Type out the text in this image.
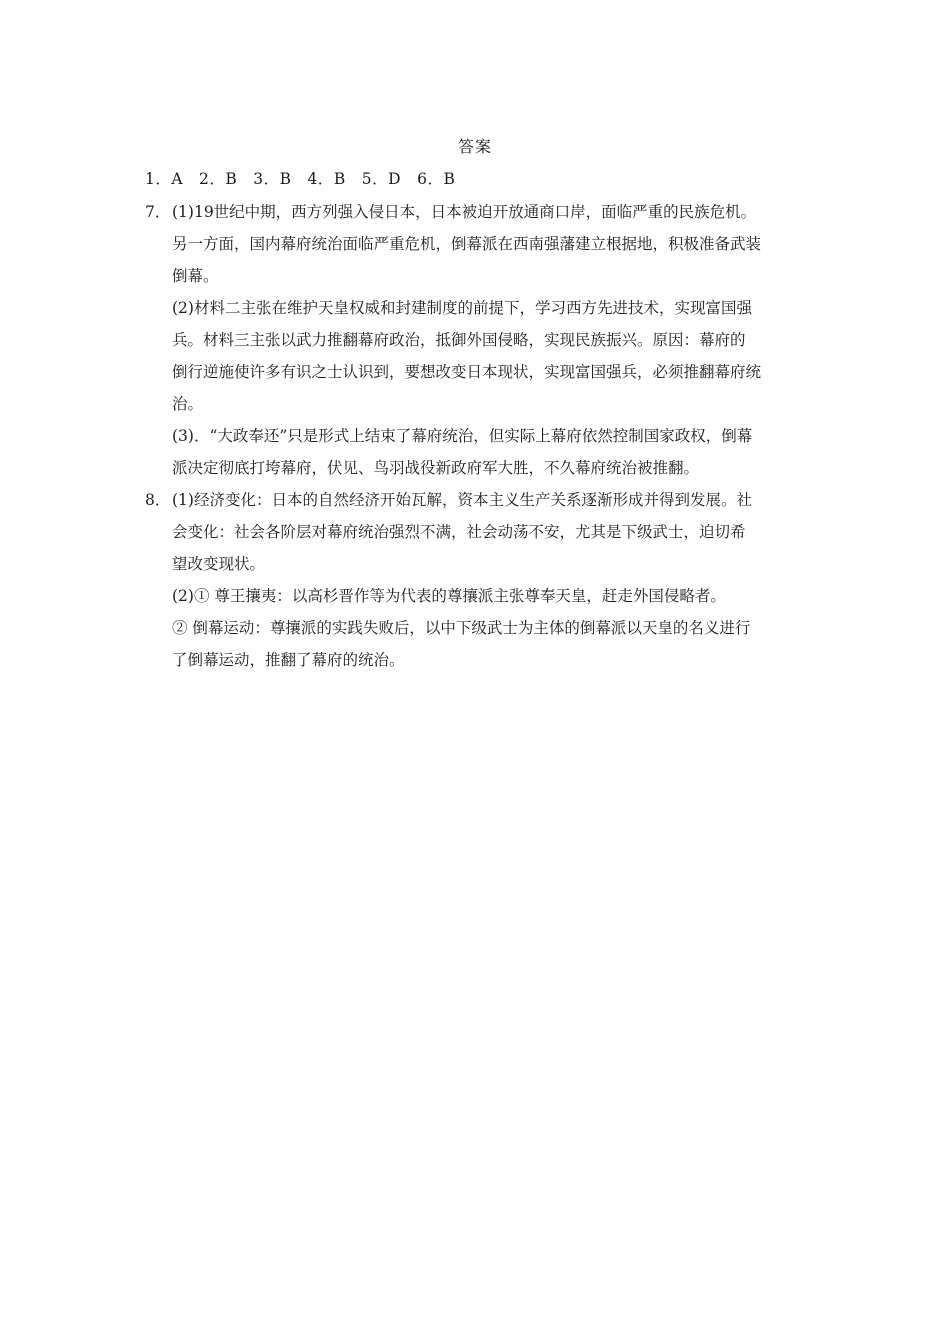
答案
1．A　2．B　3．B　4．B　5．D　6．B
7． (1)19世纪中期，西方列强入侵日本，日本被迫开放通商口岸，面临严重的民族危机。
另一方面，国内幕府统治面临严重危机，倒幕派在西南强藩建立根据地，积极准备武装
倒幕。
(2)材料二主张在维护天皇权威和封建制度的前提下，学习西方先进技术，实现富国强
兵。材料三主张以武力推翻幕府政治，抵御外国侵略，实现民族振兴。原因：幕府的
倒行逆施使许多有识之士认识到，要想改变日本现状，实现富国强兵，必须推翻幕府统
治。
(3)．“大政奉还”只是形式上结束了幕府统治，但实际上幕府依然控制国家政权，倒幕
派决定彻底打垮幕府，伏见、鸟羽战役新政府军大胜，不久幕府统治被推翻。
8． (1)经济变化：日本的自然经济开始瓦解，资本主义生产关系逐渐形成并得到发展。社
会变化：社会各阶层对幕府统治强烈不满，社会动荡不安，尤其是下级武士，迫切希
望改变现状。
(2)① 尊王攘夷：以高杉晋作等为代表的尊攘派主张尊奉天皇，赶走外国侵略者。
② 倒幕运动：尊攘派的实践失败后，以中下级武士为主体的倒幕派以天皇的名义进行
了倒幕运动，推翻了幕府的统治。
